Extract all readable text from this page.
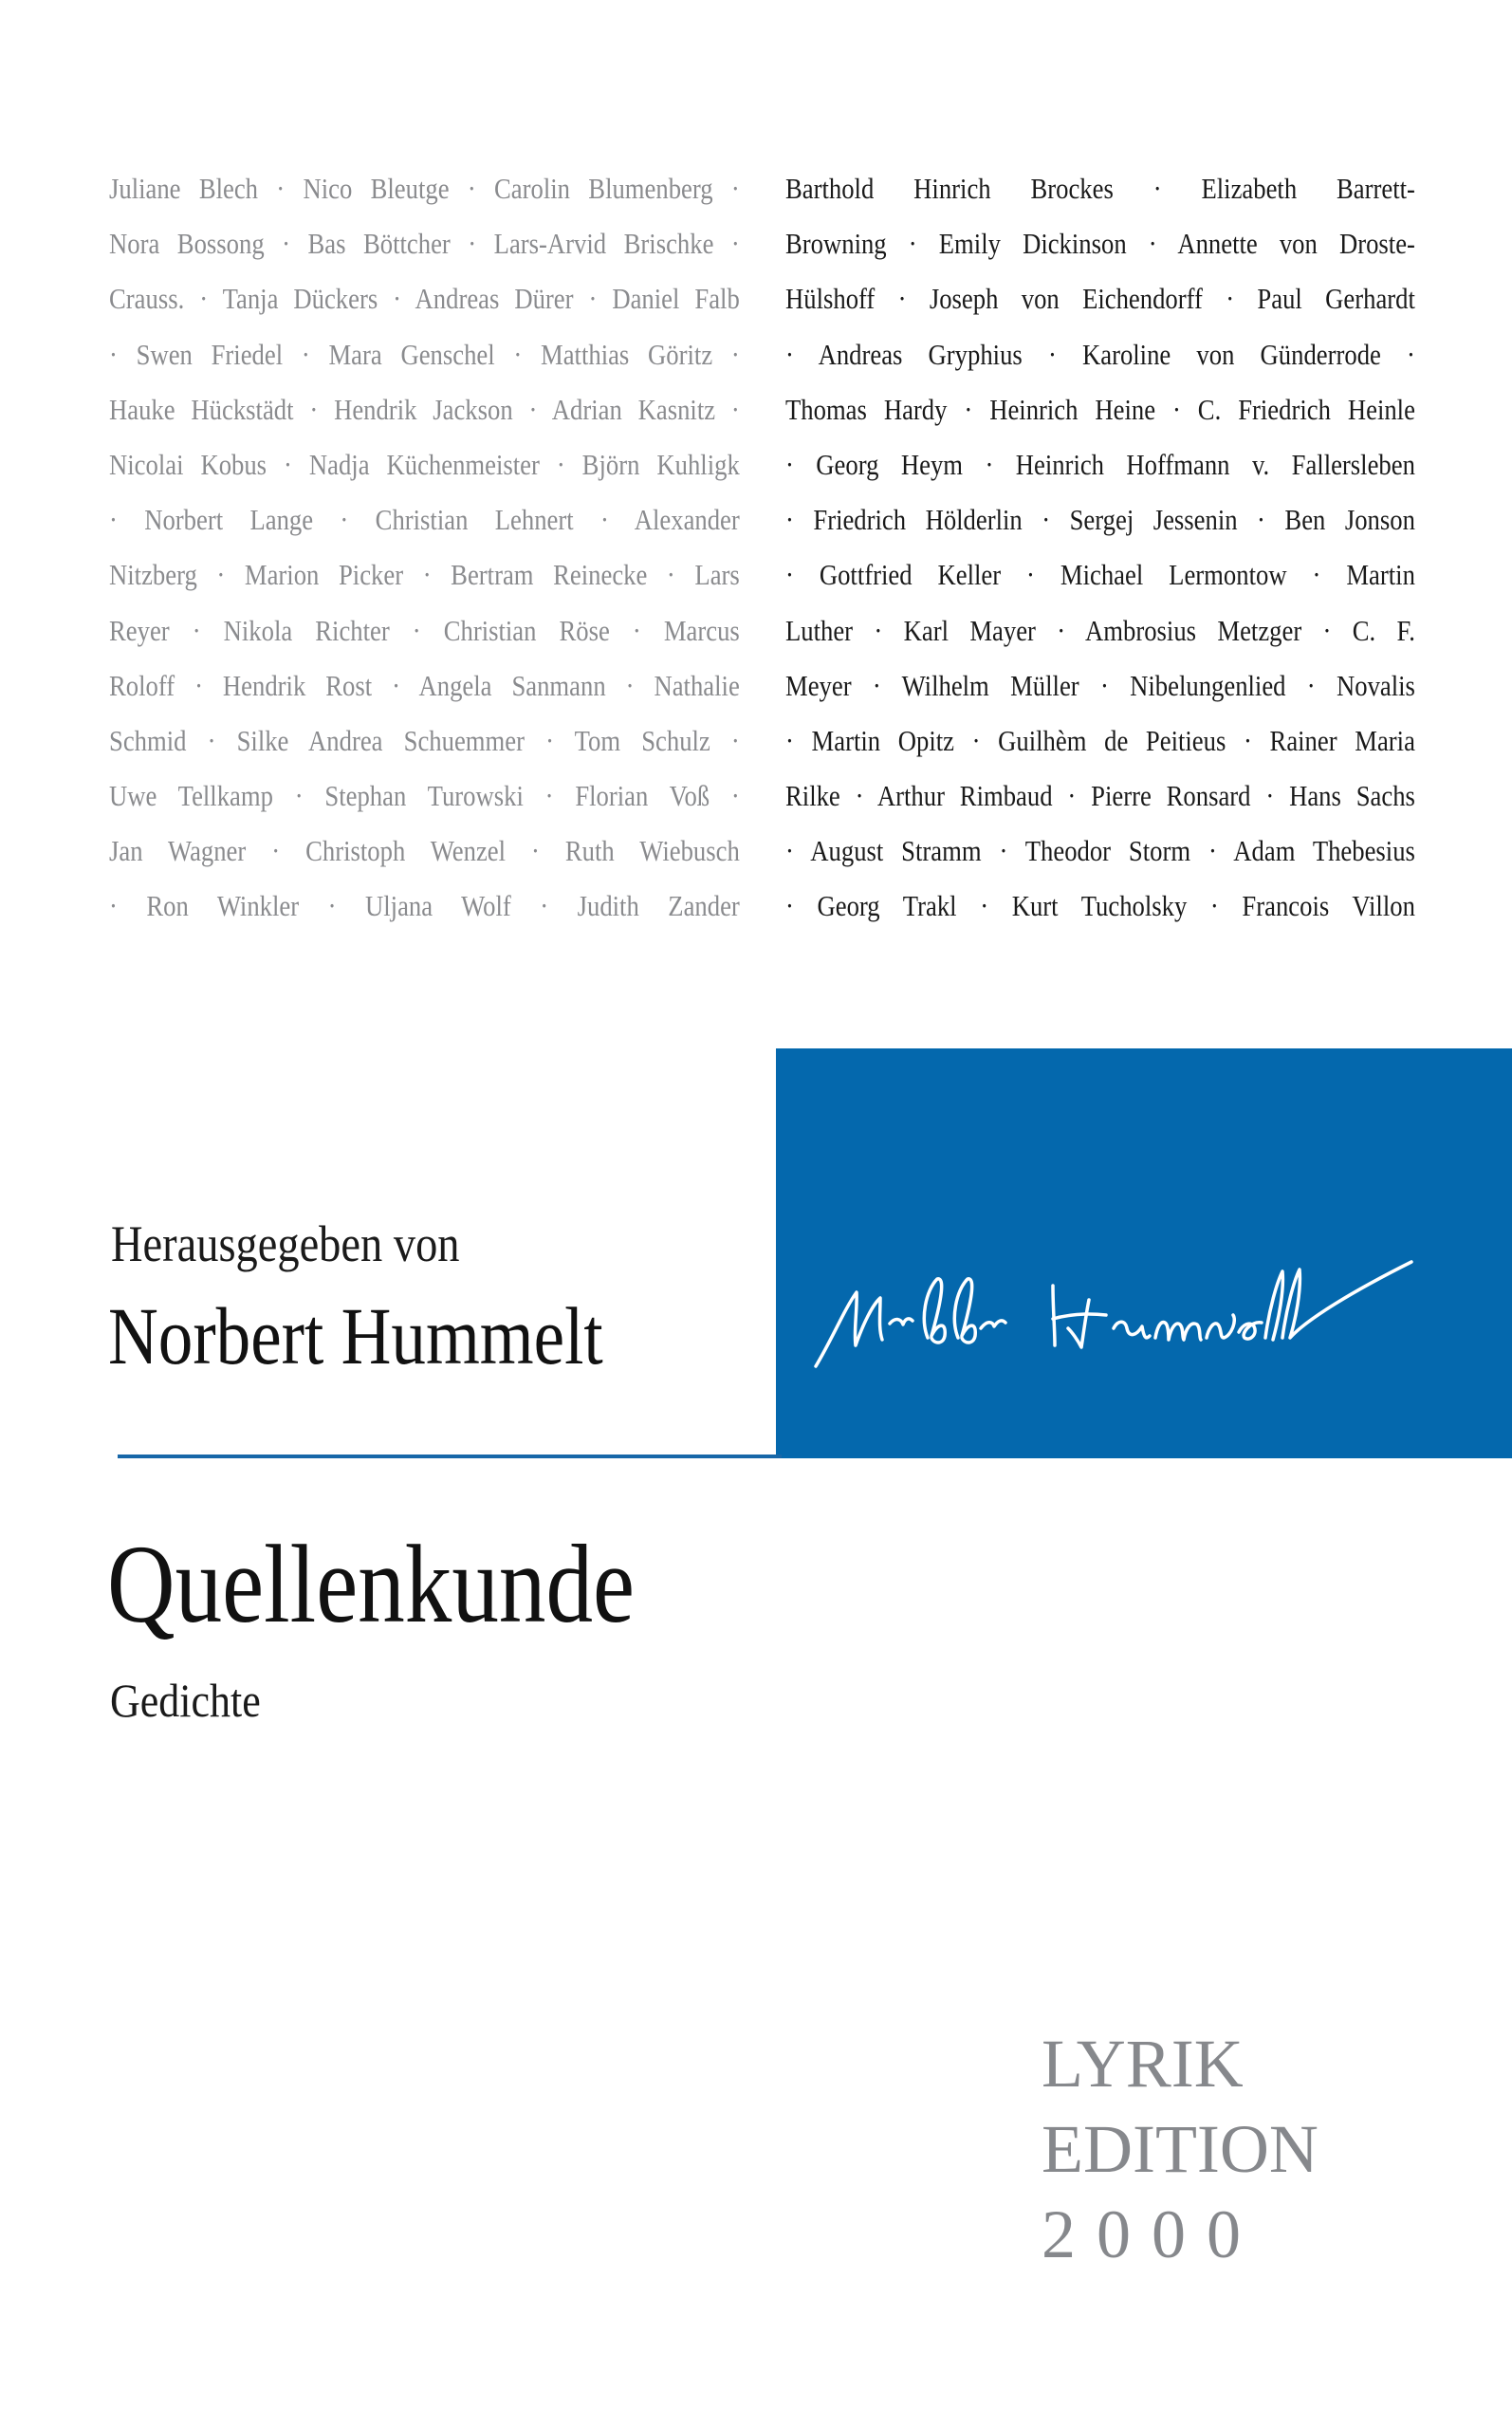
Juliane Blech · Nico Bleutge · Carolin Blumenberg ·
Nora Bossong · Bas Böttcher · Lars-Arvid Brischke ·
Crauss. · Tanja Dückers · Andreas Dürer · Daniel Falb
· Swen Friedel · Mara Genschel · Matthias Göritz ·
Hauke Hückstädt · Hendrik Jackson · Adrian Kasnitz ·
Nicolai Kobus · Nadja Küchenmeister · Björn Kuhligk
· Norbert Lange · Christian Lehnert · Alexander
Nitzberg · Marion Picker · Bertram Reinecke · Lars
Reyer · Nikola Richter · Christian Röse · Marcus
Roloff · Hendrik Rost · Angela Sanmann · Nathalie
Schmid · Silke Andrea Schuemmer · Tom Schulz ·
Uwe Tellkamp · Stephan Turowski · Florian Voß ·
Jan Wagner · Christoph Wenzel · Ruth Wiebusch
· Ron Winkler · Uljana Wolf · Judith Zander
Barthold Hinrich Brockes · Elizabeth Barrett-
Browning · Emily Dickinson · Annette von Droste-
Hülshoff · Joseph von Eichendorff · Paul Gerhardt
· Andreas Gryphius · Karoline von Günderrode ·
Thomas Hardy · Heinrich Heine · C. Friedrich Heinle
· Georg Heym · Heinrich Hoffmann v. Fallersleben
· Friedrich Hölderlin · Sergej Jessenin · Ben Jonson
· Gottfried Keller · Michael Lermontow · Martin
Luther · Karl Mayer · Ambrosius Metzger · C. F.
Meyer · Wilhelm Müller · Nibelungenlied · Novalis
· Martin Opitz · Guilhèm de Peitieus · Rainer Maria
Rilke · Arthur Rimbaud · Pierre Ronsard · Hans Sachs
· August Stramm · Theodor Storm · Adam Thebesius
· Georg Trakl · Kurt Tucholsky · Francois Villon
Herausgegeben von
Norbert Hummelt
Quellenkunde
Gedichte
LYRIK
EDITION
2000
